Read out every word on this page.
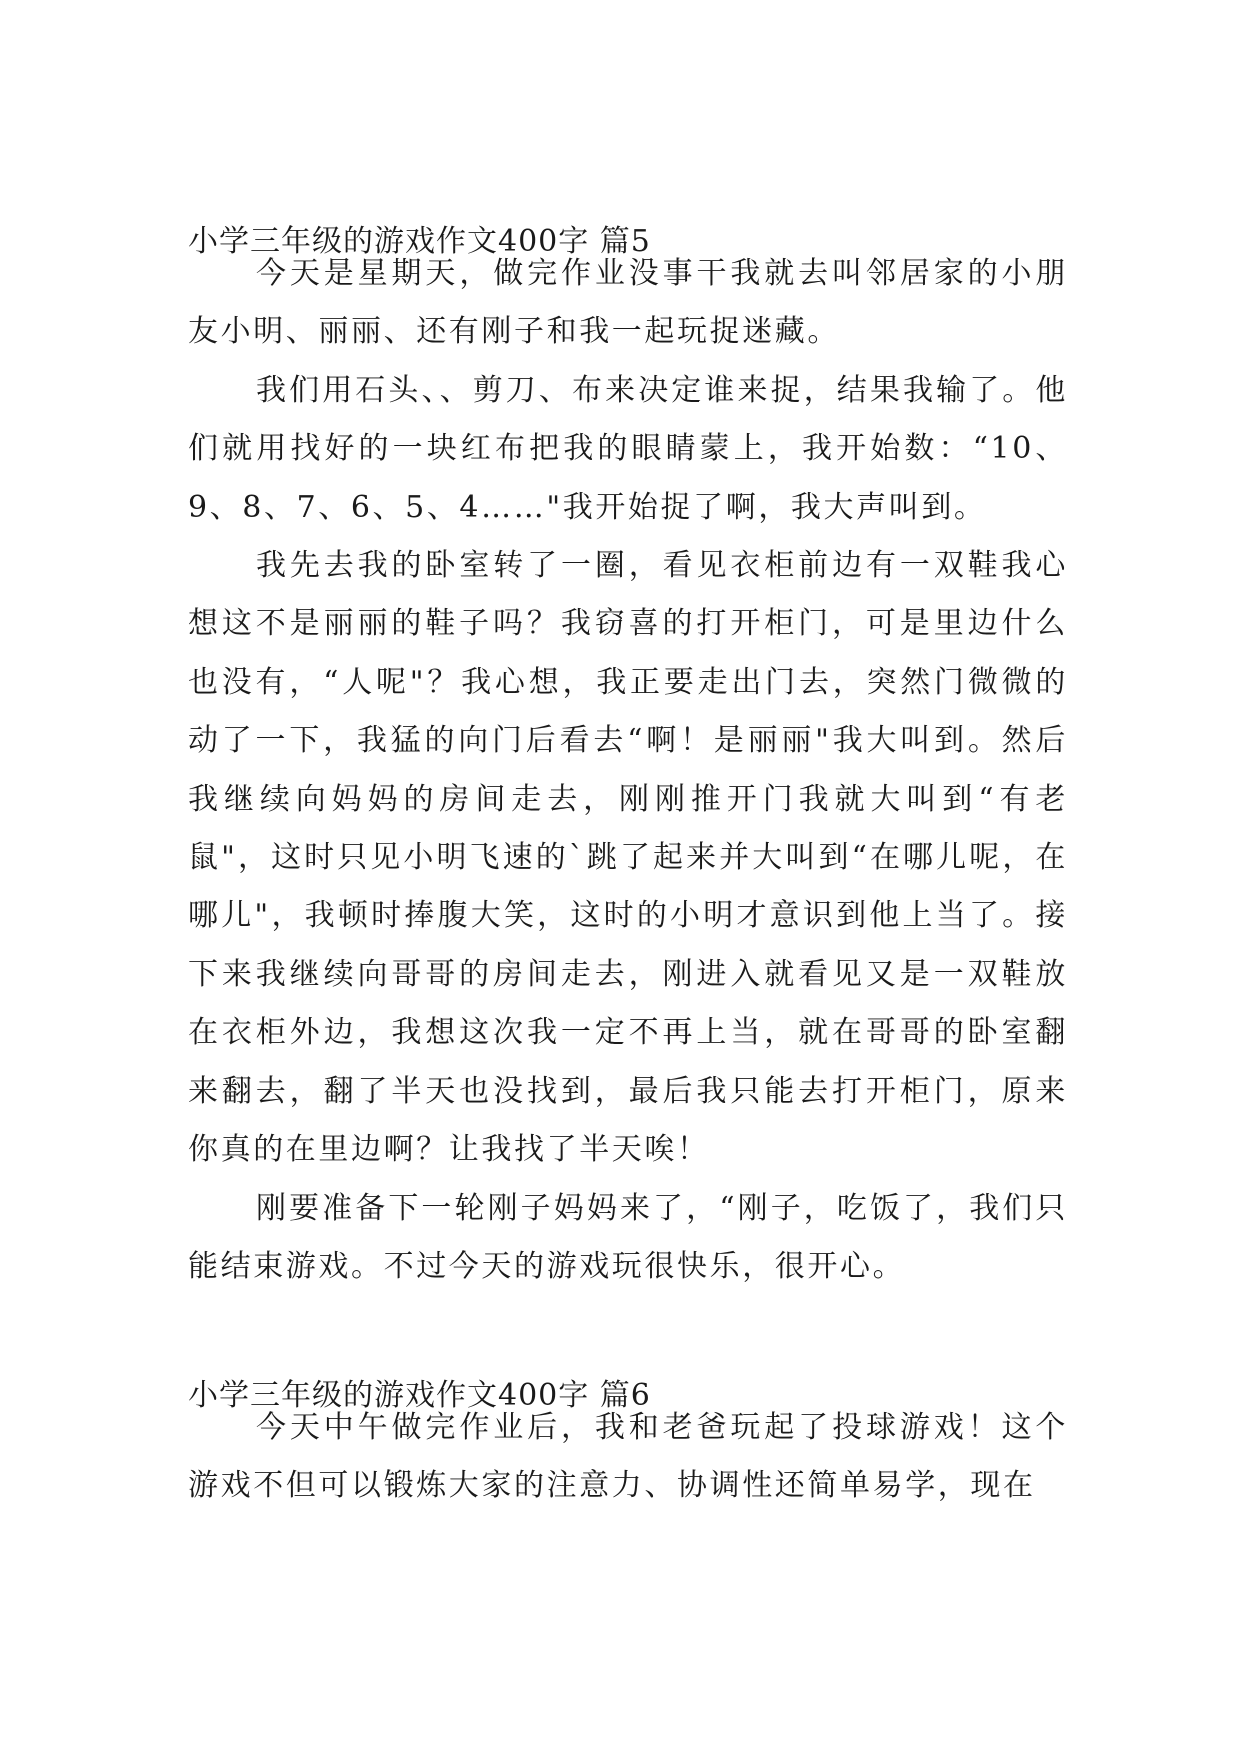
小学三年级的游戏作文400字 篇5
今天是星期天，做完作业没事干我就去叫邻居家的小朋友小明、丽丽、还有刚子和我一起玩捉迷藏。
我们用石头、、剪刀、布来决定谁来捉，结果我输了。他们就用找好的一块红布把我的眼睛蒙上，我开始数：“10、9、8、7、6、5、4……"我开始捉了啊，我大声叫到。
我先去我的卧室转了一圈，看见衣柜前边有一双鞋我心想这不是丽丽的鞋子吗？我窃喜的打开柜门，可是里边什么也没有，“人呢"？我心想，我正要走出门去，突然门微微的动了一下，我猛的向门后看去“啊！是丽丽"我大叫到。然后我继续向妈妈的房间走去，刚刚推开门我就大叫到“有老鼠"，这时只见小明飞速的`跳了起来并大叫到“在哪儿呢，在哪儿"，我顿时捧腹大笑，这时的小明才意识到他上当了。接下来我继续向哥哥的房间走去，刚进入就看见又是一双鞋放在衣柜外边，我想这次我一定不再上当，就在哥哥的卧室翻来翻去，翻了半天也没找到，最后我只能去打开柜门，原来你真的在里边啊？让我找了半天唉！
刚要准备下一轮刚子妈妈来了，“刚子，吃饭了，我们只能结束游戏。不过今天的游戏玩很快乐，很开心。
小学三年级的游戏作文400字 篇6
今天中午做完作业后，我和老爸玩起了投球游戏！这个游戏不但可以锻炼大家的注意力、协调性还简单易学，现在
